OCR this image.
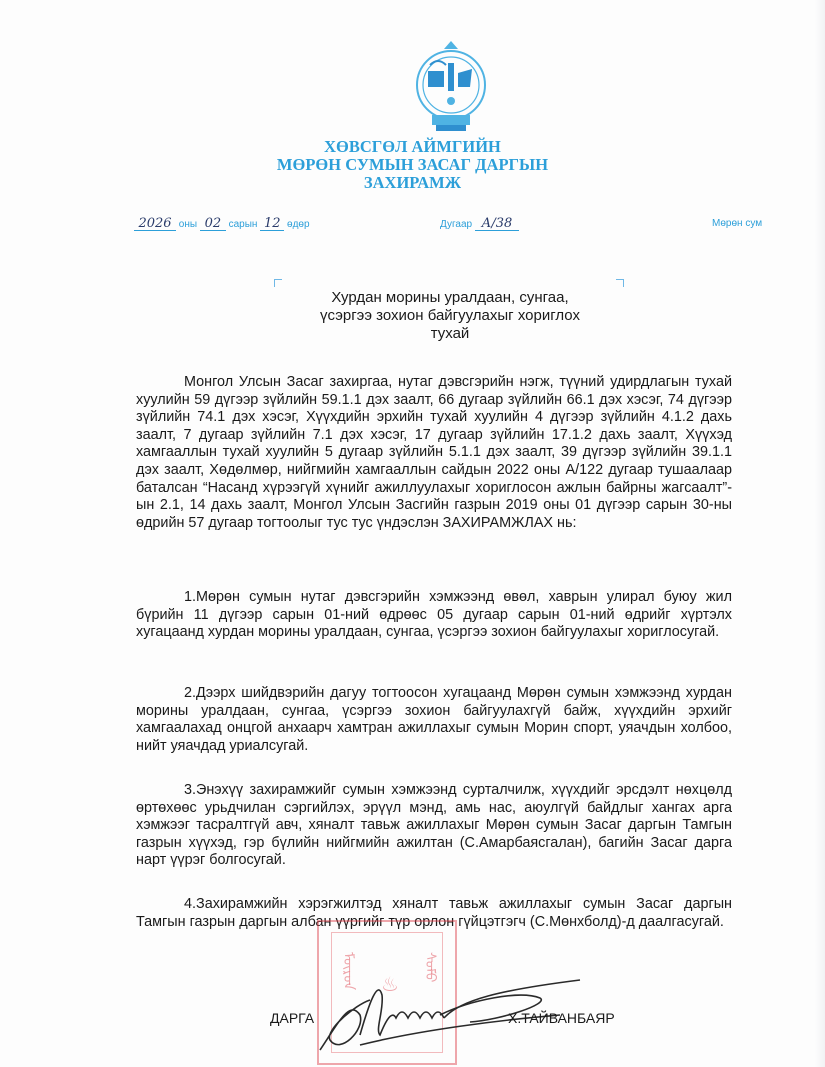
ХӨВСГӨЛ АЙМГИЙН
МӨРӨН СУМЫН ЗАСАГ ДАРГЫН
ЗАХИРАМЖ
2026 оны 02 сарын 12 өдөр	Дугаар А/38	Мөрөн сум
Хурдан морины уралдаан, сунгаа,
үсэргээ зохион байгуулахыг хориглох
тухай

Монгол Улсын Засаг захиргаа, нутаг дэвсгэрийн нэгж, түүний удирдлагын тухай хуулийн 59 дүгээр зүйлийн 59.1.1 дэх заалт, 66 дугаар зүйлийн 66.1 дэх хэсэг, 74 дүгээр зүйлийн 74.1 дэх хэсэг, Хүүхдийн эрхийн тухай хуулийн 4 дүгээр зүйлийн 4.1.2 дахь заалт, 7 дугаар зүйлийн 7.1 дэх хэсэг, 17 дугаар зүйлийн 17.1.2 дахь заалт, Хүүхэд хамгааллын тухай хуулийн 5 дугаар зүйлийн 5.1.1 дэх заалт, 39 дүгээр зүйлийн 39.1.1 дэх заалт, Хөдөлмөр, нийгмийн хамгааллын сайдын 2022 оны А/122 дугаар тушаалаар баталсан “Насанд хүрээгүй хүнийг ажиллуулахыг хориглосон ажлын байрны жагсаалт”-ын 2.1, 14 дахь заалт, Монгол Улсын Засгийн газрын 2019 оны 01 дүгээр сарын 30-ны өдрийн 57 дугаар тогтоолыг тус тус үндэслэн ЗАХИРАМЖЛАХ нь:

1.Мөрөн сумын нутаг дэвсгэрийн хэмжээнд өвөл, хаврын улирал буюу жил бүрийн 11 дүгээр сарын 01-ний өдрөөс 05 дугаар сарын 01-ний өдрийг хүртэлх хугацаанд хурдан морины уралдаан, сунгаа, үсэргээ зохион байгуулахыг хориглосугай.

2.Дээрх шийдвэрийн дагуу тогтоосон хугацаанд Мөрөн сумын хэмжээнд хурдан морины уралдаан, сунгаа, үсэргээ зохион байгуулахгүй байж, хүүхдийн эрхийг хамгаалахад онцгой анхаарч хамтран ажиллахыг сумын Морин спорт, уяачдын холбоо, нийт уяачдад уриалсугай.

3.Энэхүү захирамжийг сумын хэмжээнд сурталчилж, хүүхдийг эрсдэлт нөхцөлд өртөхөөс урьдчилан сэргийлэх, эрүүл мэнд, амь нас, аюулгүй байдлыг хангах арга хэмжээг тасралтгүй авч, хяналт тавьж ажиллахыг Мөрөн сумын Засаг даргын Тамгын газрын хүүхэд, гэр бүлийн нийгмийн ажилтан (С.Амарбаясгалан), багийн Засаг дарга нарт үүрэг болгосугай.

4.Захирамжийн хэрэгжилтэд хяналт тавьж ажиллахыг сумын Засаг даргын Тамгын газрын даргын албан үүргийг түр орлон гүйцэтгэгч (С.Мөнхболд)-д даалгасугай.

ᠮᠦᠷᠦᠨ ♨
ᠰᠤᠮᠤ
ДАРГА	Х.ТАЙВАНБАЯР
